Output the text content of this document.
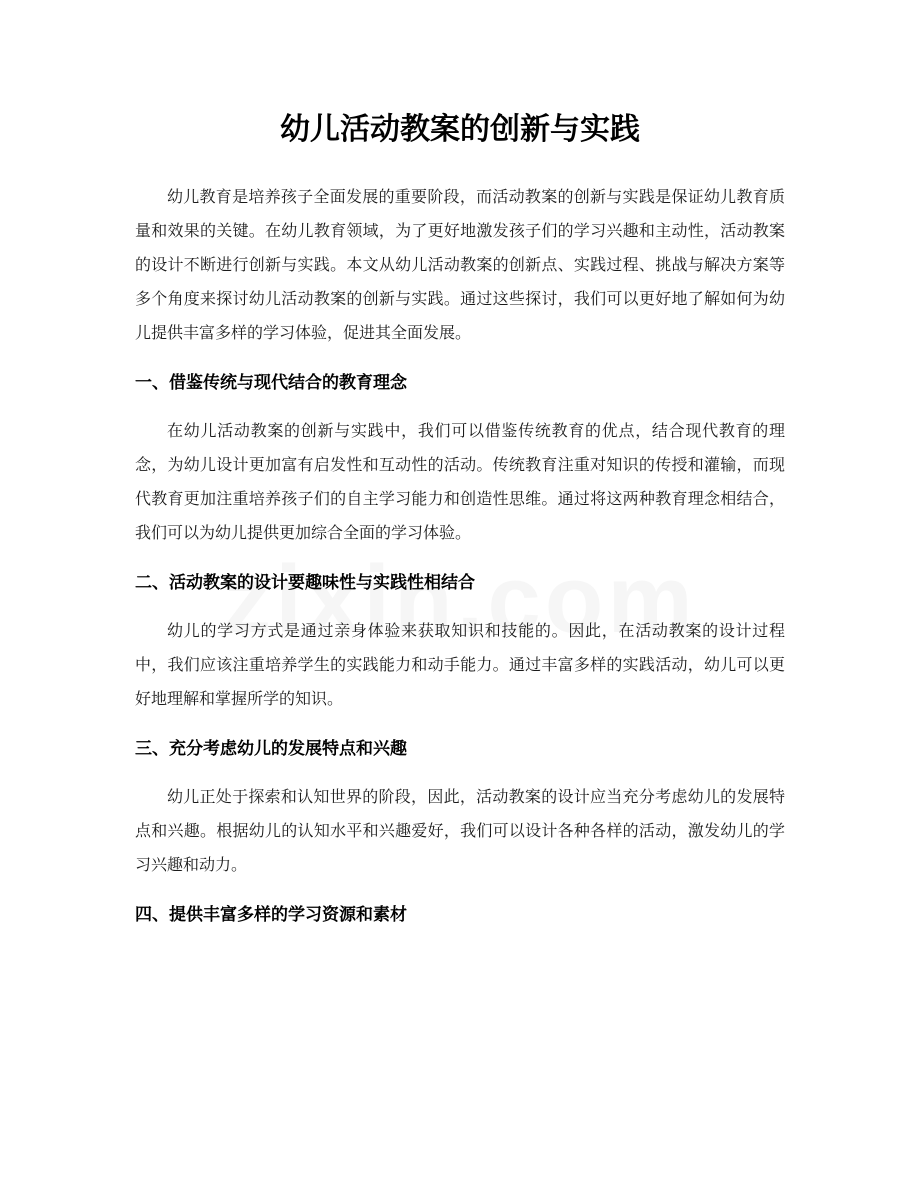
幼儿活动教案的创新与实践

幼儿教育是培养孩子全面发展的重要阶段，而活动教案的创新与实践是保证幼儿教育质量和效果的关键。在幼儿教育领域，为了更好地激发孩子们的学习兴趣和主动性，活动教案的设计不断进行创新与实践。本文从幼儿活动教案的创新点、实践过程、挑战与解决方案等多个角度来探讨幼儿活动教案的创新与实践。通过这些探讨，我们可以更好地了解如何为幼儿提供丰富多样的学习体验，促进其全面发展。

一、借鉴传统与现代结合的教育理念

在幼儿活动教案的创新与实践中，我们可以借鉴传统教育的优点，结合现代教育的理念，为幼儿设计更加富有启发性和互动性的活动。传统教育注重对知识的传授和灌输，而现代教育更加注重培养孩子们的自主学习能力和创造性思维。通过将这两种教育理念相结合，我们可以为幼儿提供更加综合全面的学习体验。

二、活动教案的设计要趣味性与实践性相结合

幼儿的学习方式是通过亲身体验来获取知识和技能的。因此，在活动教案的设计过程中，我们应该注重培养学生的实践能力和动手能力。通过丰富多样的实践活动，幼儿可以更好地理解和掌握所学的知识。

三、充分考虑幼儿的发展特点和兴趣

幼儿正处于探索和认知世界的阶段，因此，活动教案的设计应当充分考虑幼儿的发展特点和兴趣。根据幼儿的认知水平和兴趣爱好，我们可以设计各种各样的活动，激发幼儿的学习兴趣和动力。

四、提供丰富多样的学习资源和素材
